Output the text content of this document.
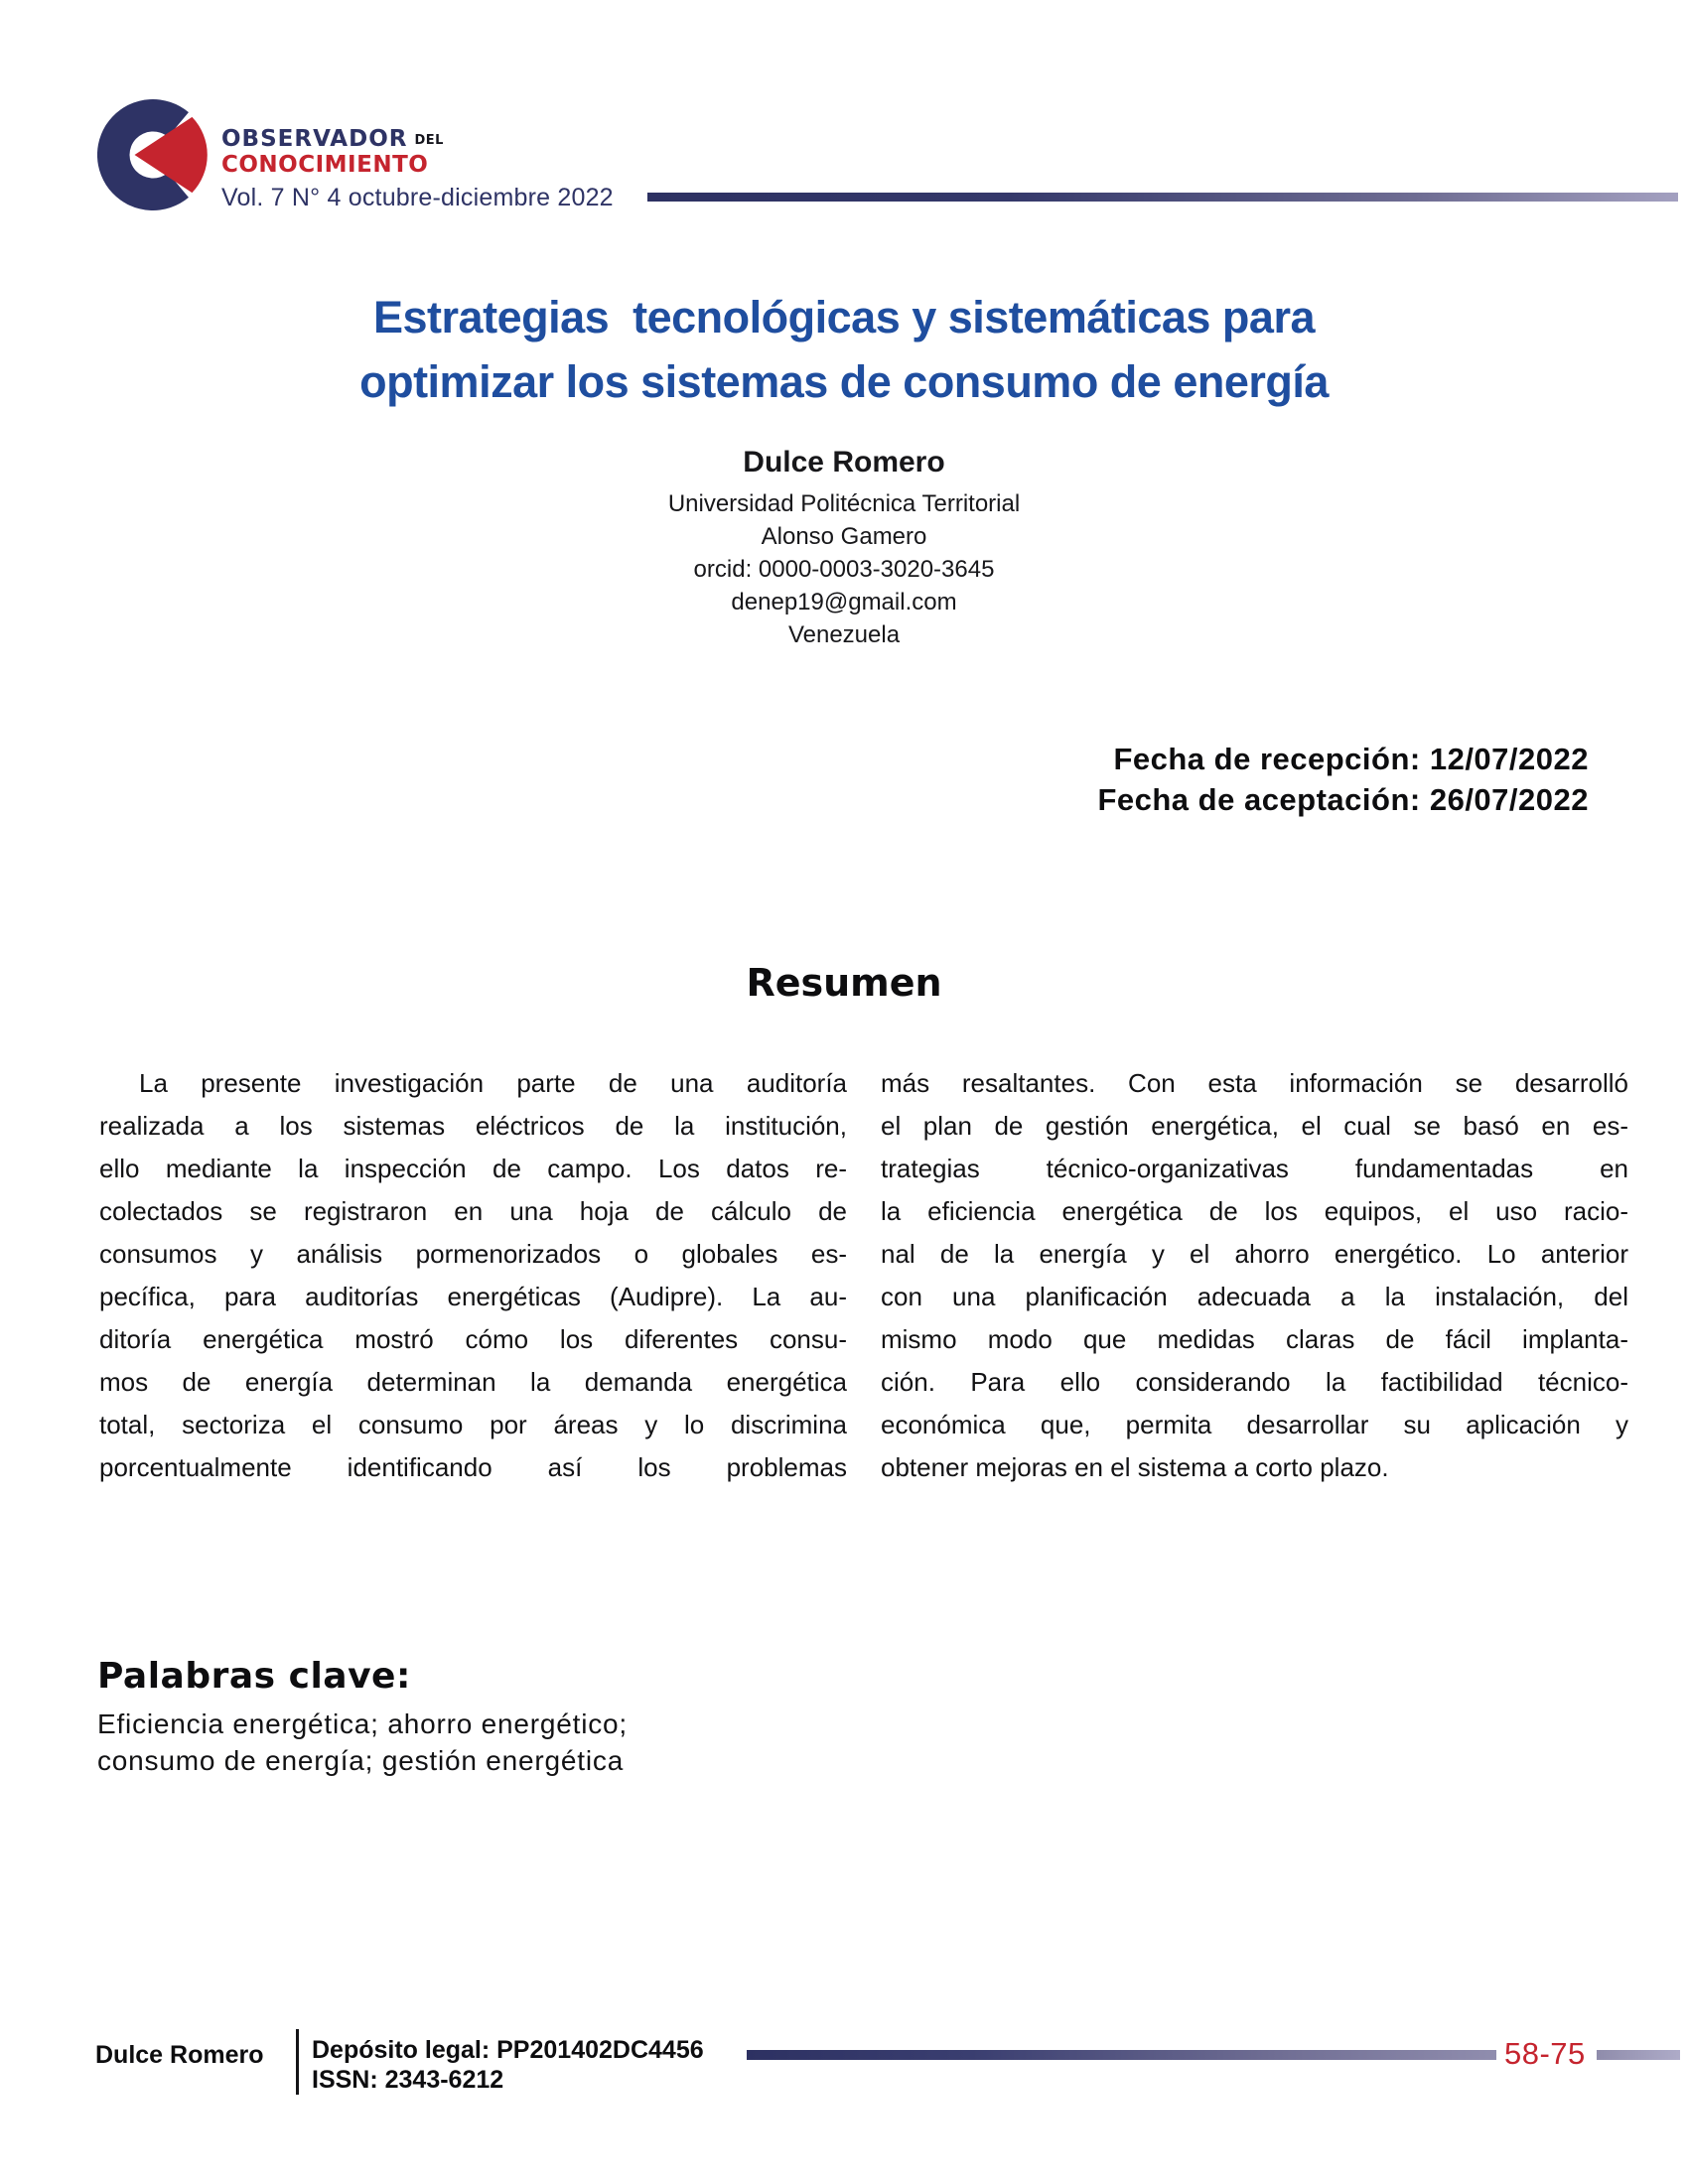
OBSERVADOR DEL
CONOCIMIENTO
Vol. 7 N° 4 octubre-diciembre 2022
Estrategias  tecnológicas y sistemáticas para
optimizar los sistemas de consumo de energía
Dulce Romero
Universidad Politécnica Territorial
Alonso Gamero
orcid: 0000-0003-3020-3645
denep19@gmail.com
Venezuela
Fecha de recepción: 12/07/2022
Fecha de aceptación: 26/07/2022
Resumen
La presente investigación parte de una auditoría
realizada a los sistemas eléctricos de la institución,
ello mediante la inspección de campo. Los datos re-
colectados se registraron en una hoja de cálculo de
consumos y análisis pormenorizados o globales es-
pecífica, para auditorías energéticas (Audipre). La au-
ditoría energética mostró cómo los diferentes consu-
mos de energía determinan la demanda energética
total, sectoriza el consumo por áreas y lo discrimina
porcentualmente identificando así los problemas
más resaltantes. Con esta información se desarrolló
el plan de gestión energética, el cual se basó en es-
trategias técnico-organizativas fundamentadas en
la eficiencia energética de los equipos, el uso racio-
nal de la energía y el ahorro energético. Lo anterior
con una planificación adecuada a la instalación, del
mismo modo que medidas claras de fácil implanta-
ción. Para ello considerando la factibilidad técnico-
económica que, permita desarrollar su aplicación y
obtener mejoras en el sistema a corto plazo.
Palabras clave:
Eficiencia energética; ahorro energético;
consumo de energía; gestión energética
Dulce Romero Depósito legal: PP201402DC4456
ISSN: 2343-6212
58-75
